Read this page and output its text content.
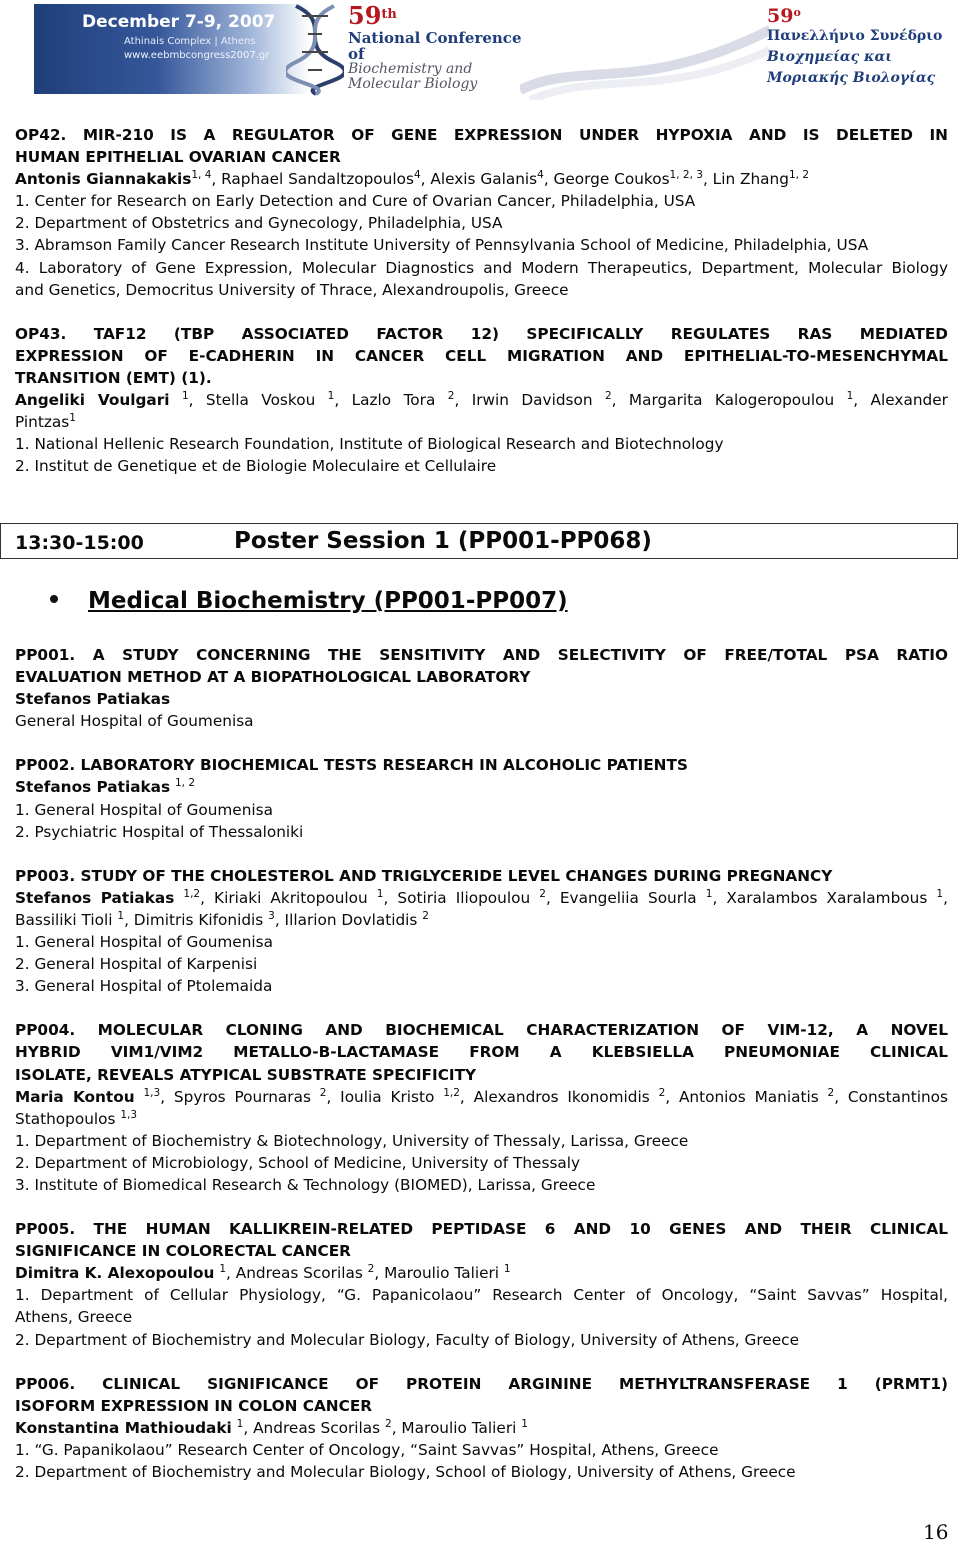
December 7-9, 2007
Athinais Complex | Athens
www.eebmbcongress2007.gr
59th
National Conference of
Biochemistry and
Molecular Biology
59$^o$
Πανελλήνιο Συνέδριο
Βιοχημείας και
Μοριακής Βιολογίας

OP42. MIR-210 IS A REGULATOR OF GENE EXPRESSION UNDER HYPOXIA AND IS DELETED IN

HUMAN EPITHELIAL OVARIAN CANCER

Antonis Giannakakis$^{1, 4}$, Raphael Sandaltzopoulos$^4$, Alexis Galanis$^4$, George Coukos$^{1, 2, 3}$, Lin Zhang$^{1, 2}$

1. Center for Research on Early Detection and Cure of Ovarian Cancer, Philadelphia, USA

2. Department of Obstetrics and Gynecology, Philadelphia, USA

3. Abramson Family Cancer Research Institute University of Pennsylvania School of Medicine, Philadelphia, USA

4. Laboratory of Gene Expression, Molecular Diagnostics and Modern Therapeutics, Department, Molecular Biology

and Genetics, Democritus University of Thrace, Alexandroupolis, Greece

OP43. TAF12 (TBP ASSOCIATED FACTOR 12) SPECIFICALLY REGULATES RAS MEDIATED

EXPRESSION OF E-CADHERIN IN CANCER CELL MIGRATION AND EPITHELIAL-TO-MESENCHYMAL

TRANSITION (EMT) (1).

Angeliki Voulgari $^1$, Stella Voskou $^1$, Lazlo Tora $^2$, Irwin Davidson $^2$, Margarita Kalogeropoulou $^1$, Alexander

Pintzas$^1$

1. National Hellenic Research Foundation, Institute of Biological Research and Biotechnology

2. Institut de Genetique et de Biologie Moleculaire et Cellulaire

13:30-15:00	Poster Session 1 (PP001-PP068)
Medical Biochemistry (PP001-PP007)

PP001. A STUDY CONCERNING THE SENSITIVITY AND SELECTIVITY OF FREE/TOTAL PSA RATIO

EVALUATION METHOD AT A BIOPATHOLOGICAL LABORATORY

Stefanos Patiakas

General Hospital of Goumenisa

PP002. LABORATORY BIOCHEMICAL TESTS RESEARCH IN ALCOHOLIC PATIENTS

Stefanos Patiakas $^{1, 2}$

1. General Hospital of Goumenisa

2. Psychiatric Hospital of Thessaloniki

PP003. STUDY OF THE CHOLESTEROL AND TRIGLYCERIDE LEVEL CHANGES DURING PREGNANCY

Stefanos Patiakas $^{1,2}$, Kiriaki Akritopoulou $^1$, Sotiria Iliopoulou $^2$, Evangeliia Sourla $^1$, Xaralambos Xaralambous $^1$,

Bassiliki Tioli $^1$, Dimitris Kifonidis $^3$, Illarion Dovlatidis $^2$

1. General Hospital of Goumenisa

2. General Hospital of Karpenisi

3. General Hospital of Ptolemaida

PP004. MOLECULAR CLONING AND BIOCHEMICAL CHARACTERIZATION OF VIM-12, A NOVEL

HYBRID VIM1/VIM2 METALLO-B-LACTAMASE FROM A KLEBSIELLA PNEUMONIAE CLINICAL

ISOLATE, REVEALS ATYPICAL SUBSTRATE SPECIFICITY

Maria Kontou $^{1,3}$, Spyros Pournaras $^2$, Ioulia Kristo $^{1,2}$, Alexandros Ikonomidis $^2$, Antonios Maniatis $^2$, Constantinos

Stathopoulos $^{1,3}$

1. Department of Biochemistry & Biotechnology, University of Thessaly, Larissa, Greece

2. Department of Microbiology, School of Medicine, University of Thessaly

3. Institute of Biomedical Research & Technology (BIOMED), Larissa, Greece

PP005. THE HUMAN KALLIKREIN-RELATED PEPTIDASE 6 AND 10 GENES AND THEIR CLINICAL

SIGNIFICANCE IN COLORECTAL CANCER

Dimitra K. Alexopoulou $^1$, Andreas Scorilas $^2$, Maroulio Talieri $^1$

1. Department of Cellular Physiology, “G. Papanicolaou” Research Center of Oncology, “Saint Savvas” Hospital,

Athens, Greece

2. Department of Biochemistry and Molecular Biology, Faculty of Biology, University of Athens, Greece

PP006. CLINICAL SIGNIFICANCE OF PROTEIN ARGININE METHYLTRANSFERASE 1 (PRMT1)

ISOFORM EXPRESSION IN COLON CANCER

Konstantina Mathioudaki $^1$, Andreas Scorilas $^2$, Maroulio Talieri $^1$

1. “G. Papanikolaou” Research Center of Oncology, “Saint Savvas” Hospital, Athens, Greece

2. Department of Biochemistry and Molecular Biology, School of Biology, University of Athens, Greece

16
